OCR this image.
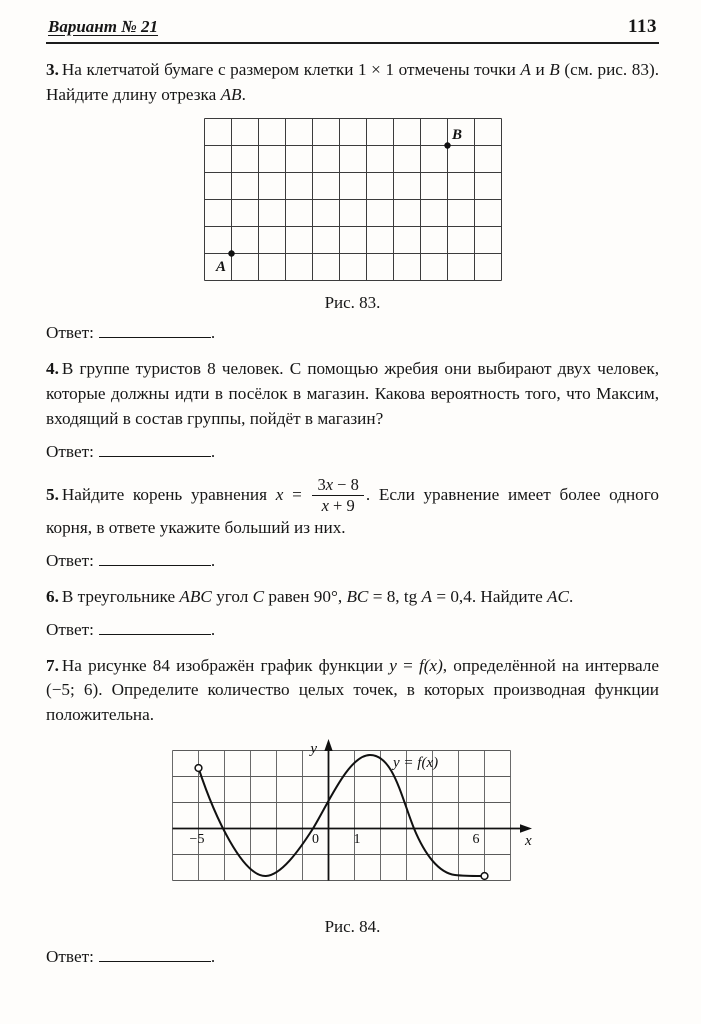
Вариант № 21	113

3. На клетчатой бумаге с размером клетки 1 × 1 отмечены точки A и B (см. рис. 83). Найдите длину отрезка AB.

A
B
Рис. 83.

Ответ:	.

4. В группе туристов 8 человек. С помощью жребия они выбирают двух человек, которые должны идти в посёлок в магазин. Какова вероятность того, что Максим, входящий в состав группы, пойдёт в магазин?

Ответ:	.

5. Найдите корень уравнения $x = \frac{3x - 8}{x + 9}$ . Если уравнение имеет более одного корня, в ответе укажите больший из них.

Ответ:	.

6. В треугольнике ABC угол C равен 90°, BC = 8, tg A = 0,4. Найдите AC.

Ответ:	.

7. На рисунке 84 изображён график функции y = f(x), определённой на интервале (−5; 6). Определите количество целых точек, в которых производная функции положительна.

y
x
0 1
−5	6
y = f(x)
Рис. 84.

Ответ:	.
